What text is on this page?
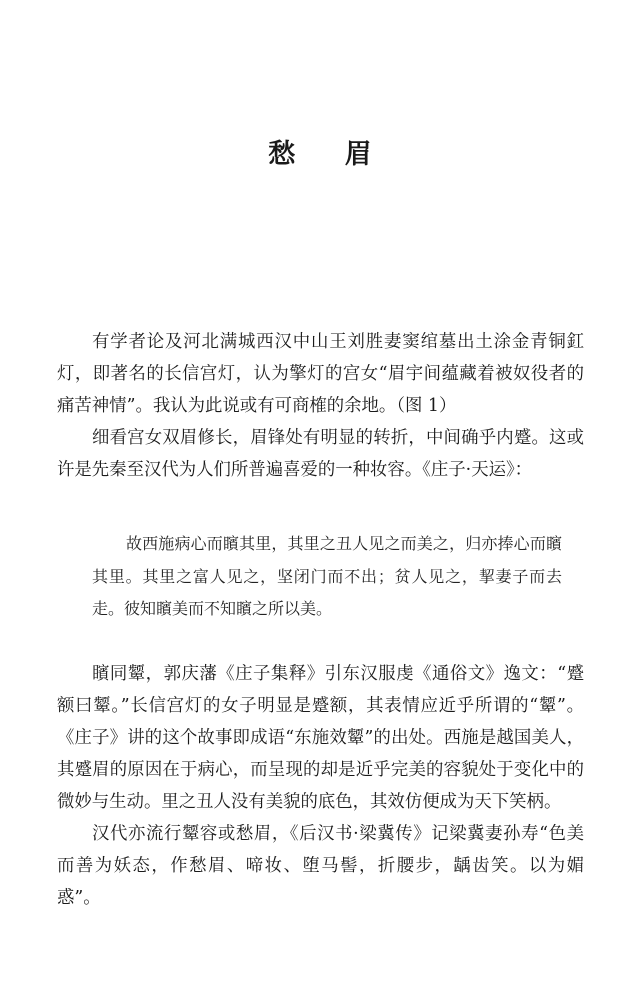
愁 眉

有学者论及河北满城西汉中山王刘胜妻窦绾墓出土涂金青铜釭灯，即著名的长信宫灯，认为擎灯的宫女“眉宇间蕴藏着被奴役者的痛苦神情”。我认为此说或有可商榷的余地。（图 1）

细看宫女双眉修长，眉锋处有明显的转折，中间确乎内蹙。这或许是先秦至汉代为人们所普遍喜爱的一种妆容。《庄子·天运》：

故西施病心而矉其里，其里之丑人见之而美之，归亦捧心而矉其里。其里之富人见之，坚闭门而不出；贫人见之，挈妻子而去走。彼知矉美而不知矉之所以美。

矉同颦，郭庆藩《庄子集释》引东汉服虔《通俗文》逸文：“蹙额曰颦。”长信宫灯的女子明显是蹙额，其表情应近乎所谓的“颦”。《庄子》讲的这个故事即成语“东施效颦”的出处。西施是越国美人，其蹙眉的原因在于病心，而呈现的却是近乎完美的容貌处于变化中的微妙与生动。里之丑人没有美貌的底色，其效仿便成为天下笑柄。

汉代亦流行颦容或愁眉，《后汉书·梁冀传》记梁冀妻孙寿“色美而善为妖态，作愁眉、啼妆、堕马髻，折腰步，龋齿笑。以为媚惑”。
